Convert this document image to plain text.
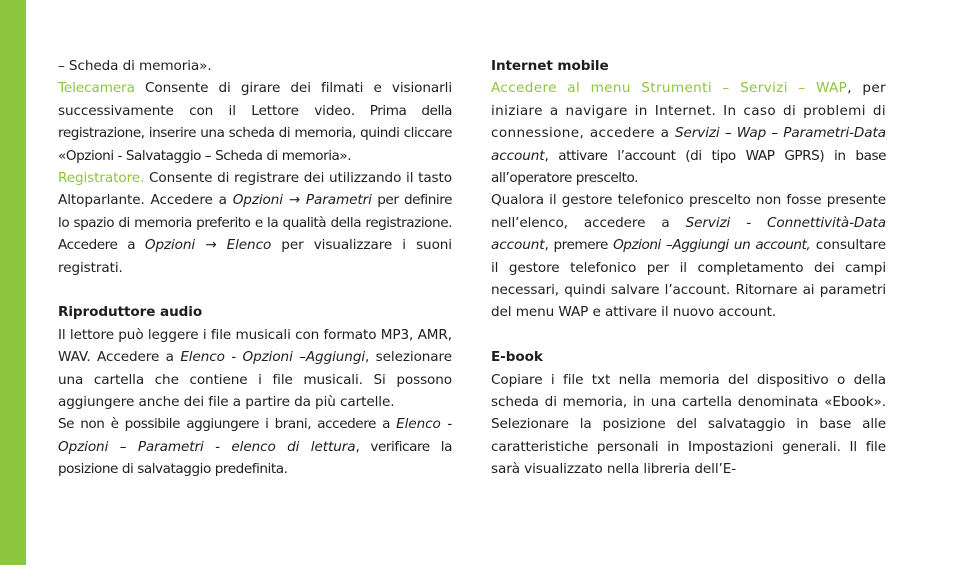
– Scheda di memoria».

Telecamera Consente di girare dei filmati e visionarli successivamente con il Lettore video. Prima della registrazione, inserire una scheda di memoria, quindi cliccare «Opzioni - Salvataggio – Scheda di memoria».

Registratore. Consente di registrare dei utilizzando il tasto Altoparlante. Accedere a Opzioni → Parametri per definire lo spazio di memoria preferito e la qualità della registrazione. Accedere a Opzioni → Elenco per visualizzare i suoni registrati.

Riproduttore audio

Il lettore può leggere i file musicali con formato MP3, AMR, WAV. Accedere a Elenco - Opzioni –Aggiungi, selezionare una cartella che contiene i file musicali. Si possono aggiungere anche dei file a partire da più cartelle.

Se non è possibile aggiungere i brani, accedere a Elenco - Opzioni – Parametri - elenco di lettura, verificare la posizione di salvataggio predefinita.

Internet mobile

Accedere al menu Strumenti – Servizi – WAP, per iniziare a navigare in Internet. In caso di problemi di connessione, accedere a Servizi – Wap – Parametri-Data account, attivare l’account (di tipo WAP GPRS) in base all’operatore prescelto.

Qualora il gestore telefonico prescelto non fosse presente nell’elenco, accedere a Servizi - Connettività-Data account, premere Opzioni –Aggiungi un account, consultare il gestore telefonico per il completamento dei campi necessari, quindi salvare l’account. Ritornare ai parametri del menu WAP e attivare il nuovo account.

E-book

Copiare i file txt nella memoria del dispositivo o della scheda di memoria, in una cartella denominata «Ebook». Selezionare la posizione del salvataggio in base alle caratteristiche personali in Impostazioni generali. Il file sarà visualizzato nella libreria dell’E-
